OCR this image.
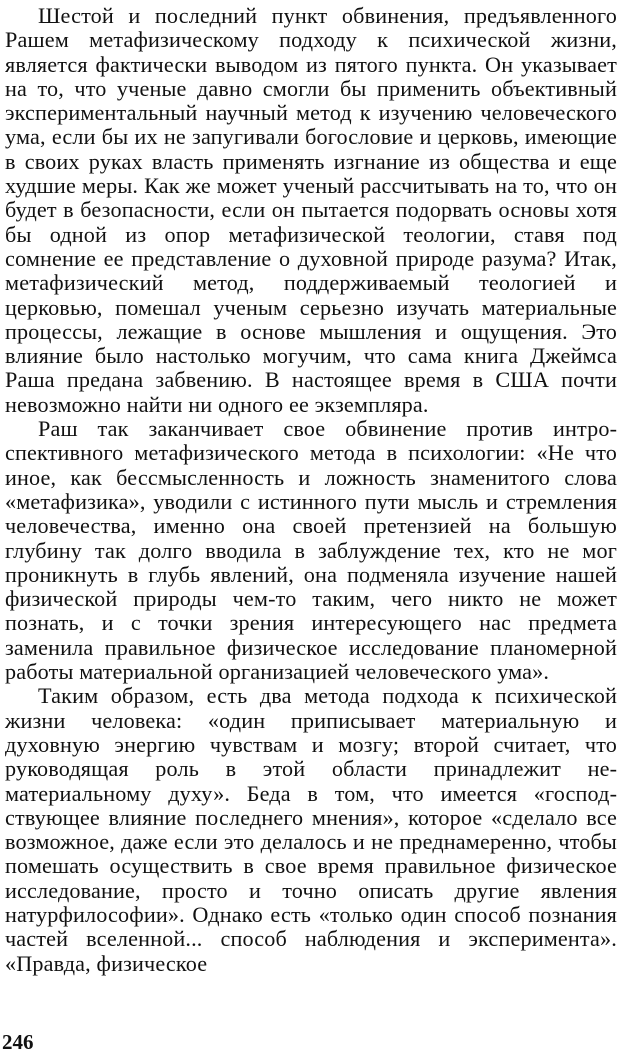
Шестой и последний пункт обвинения, предъявленного Рашем метафизическому подходу к психической жизни, является фактически выводом из пятого пункта. Он указывает на то, что ученые давно смогли бы применить объективный экспериментальный научный метод к изучению человеческого ума, если бы их не запугивали богословие и церковь, имеющие в своих руках власть применять изгнание из общества и еще худшие меры. Как же может ученый рассчитывать на то, что он будет в безопасности, если он пытается подорвать основы хотя бы одной из опор метафизической теологии, ставя под сомнение ее представление о духовной природе разума? Итак, метафизический метод, поддерживаемый теологией и церковью, помешал ученым серьезно изучать материальные процессы, лежащие в основе мышления и ощущения. Это влияние было настолько могучим, что сама книга Джеймса Раша предана забвению. В настоящее время в США почти невозможно найти ни одного ее экземпляра.

Раш так заканчивает свое обвинение против интроспективного метафизического метода в психологии: «Не что иное, как бессмысленность и ложность знаменитого слова «метафизика», уводили с истинного пути мысль и стремления человечества, именно она своей претензией на большую глубину так долго вводила в заблуждение тех, кто не мог проникнуть в глубь явлений, она подменяла изучение нашей физической природы чем-то таким, чего никто не может познать, и с точки зрения интересующего нас предмета заменила правильное физическое исследование планомерной работы материальной организацией человеческого ума».

Таким образом, есть два метода подхода к психической жизни человека: «один приписывает материальную и духовную энергию чувствам и мозгу; второй считает, что руководящая роль в этой области принадлежит нематериальному духу». Беда в том, что имеется «господствующее влияние последнего мнения», которое «сделало все возможное, даже если это делалось и не преднамеренно, чтобы помешать осуществить в свое время правильное физическое исследование, просто и точно описать другие явления натурфилософии». Однако есть «только один способ познания частей вселенной... способ наблюдения и эксперимента». «Правда, физическое

246
